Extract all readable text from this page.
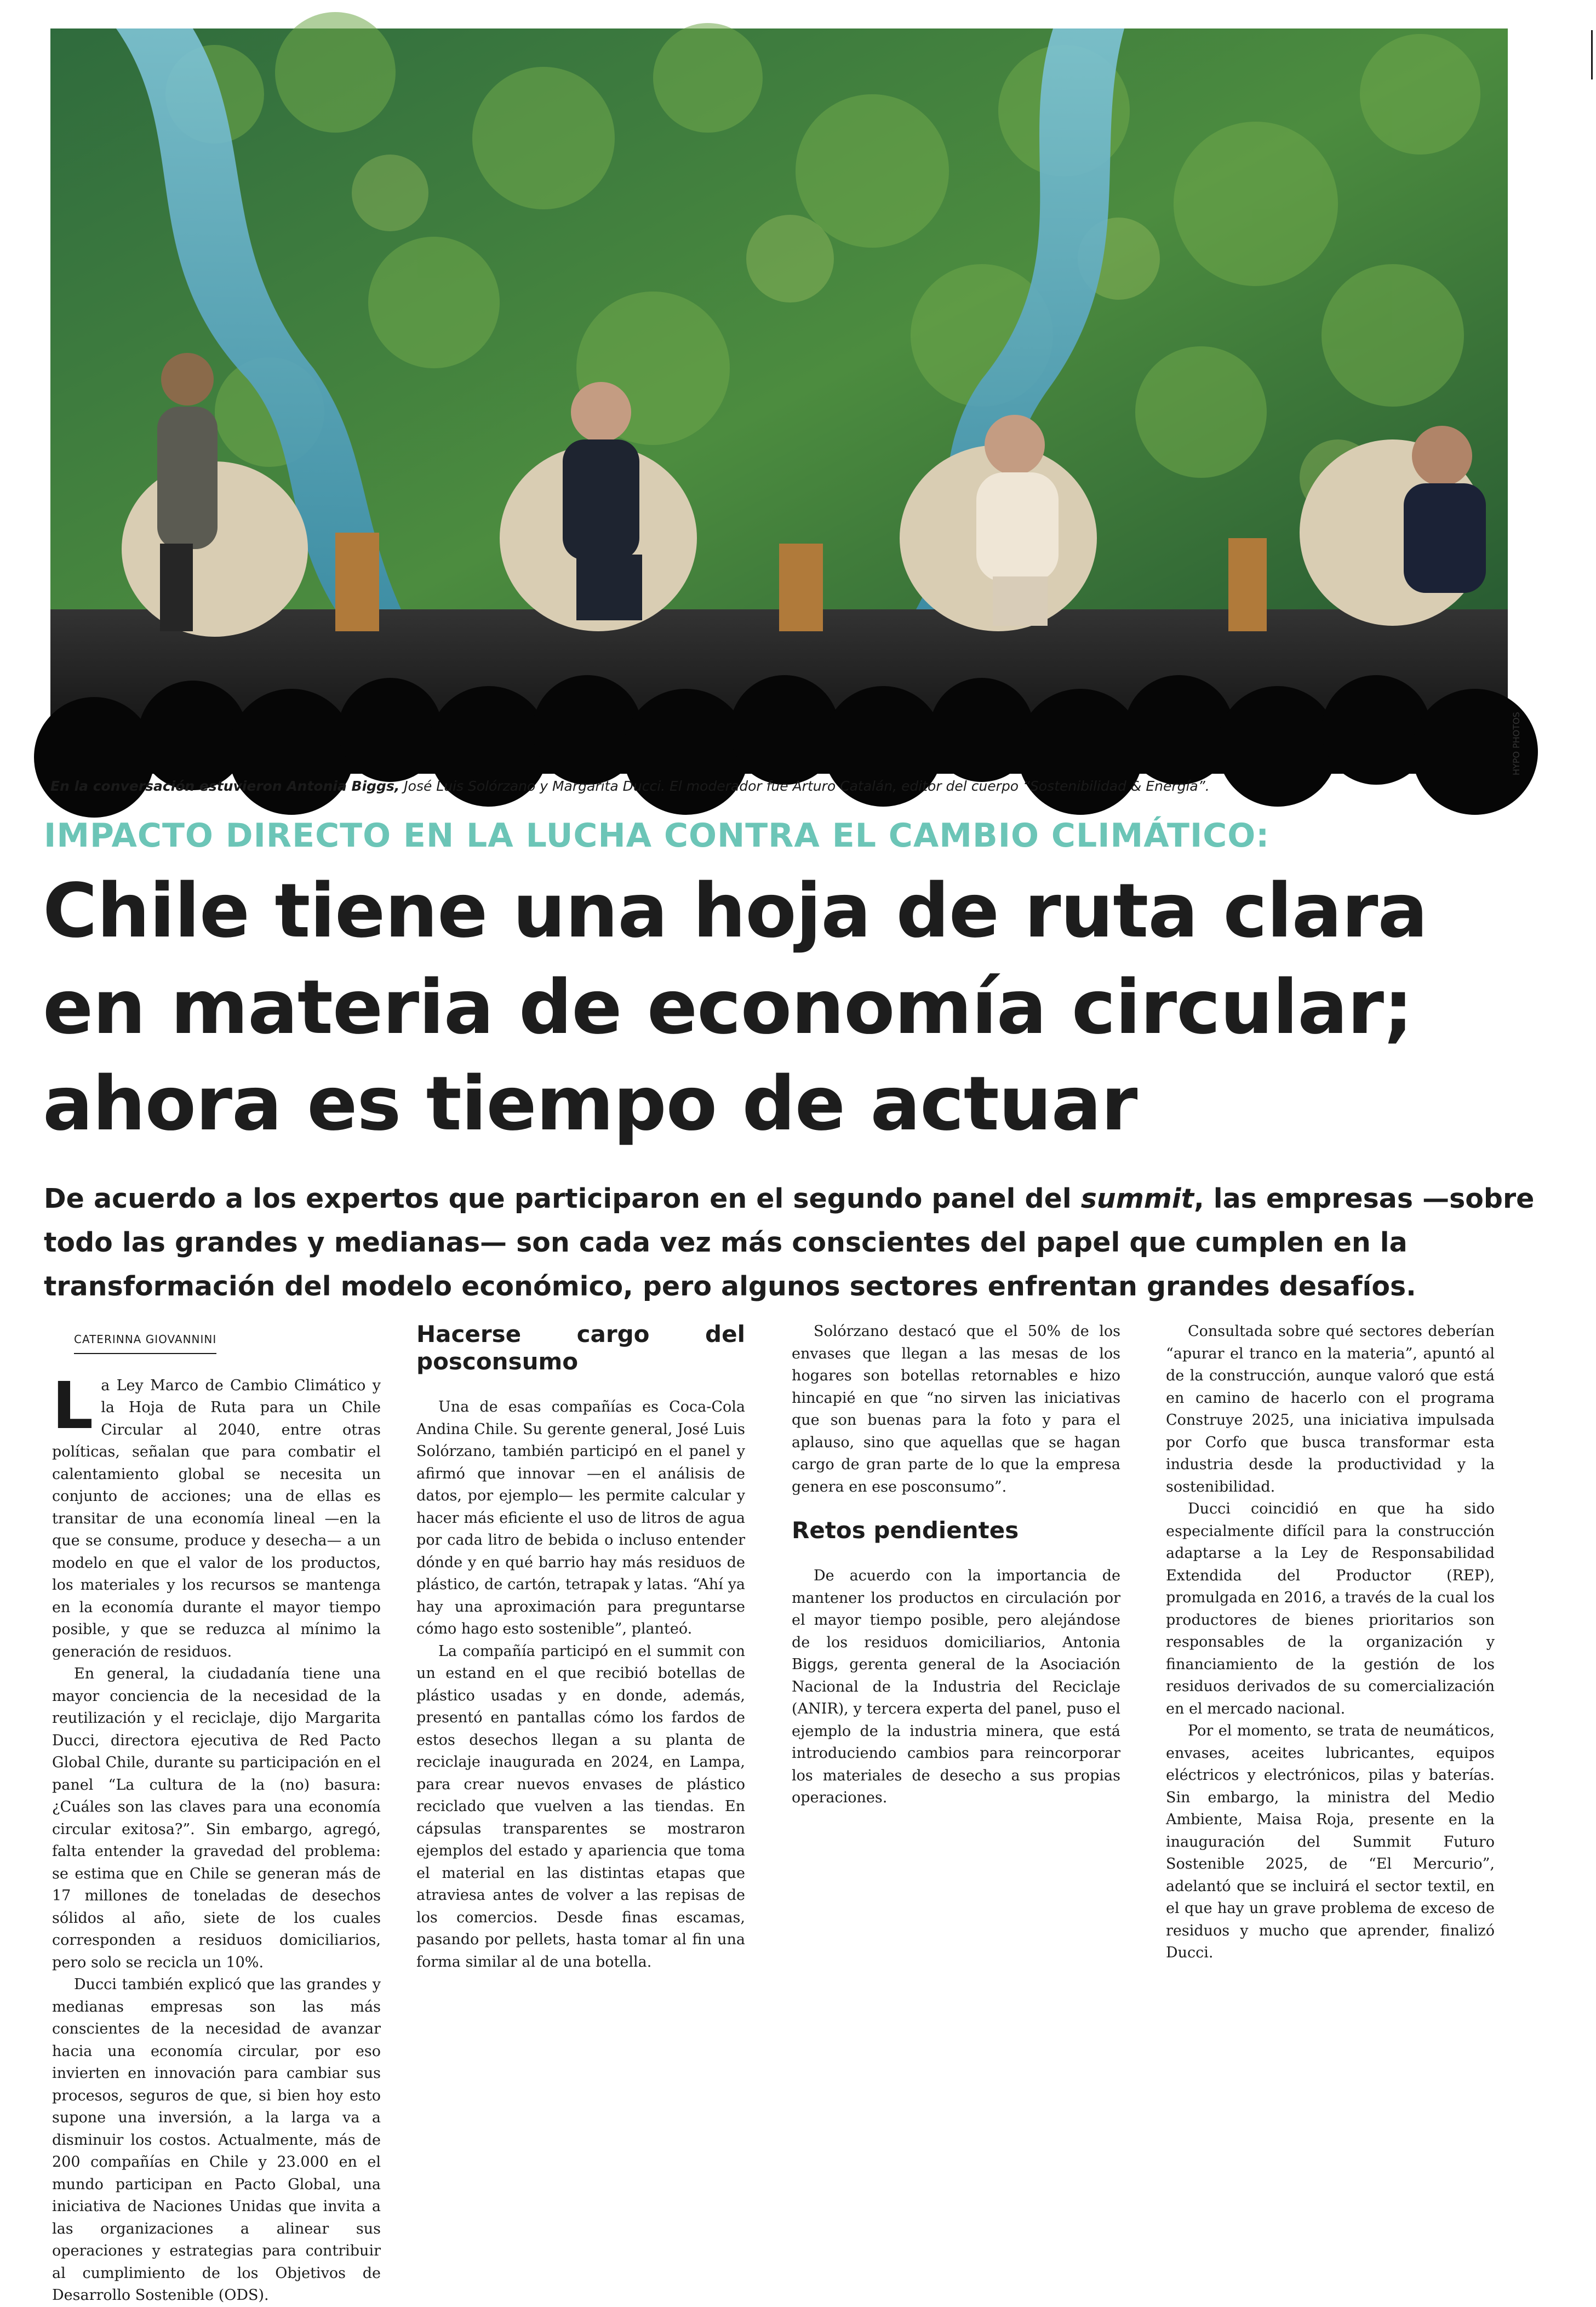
HYPO PHOTOS
En la conversación estuvieron Antonia Biggs, José Luis Solórzano y Margarita Ducci. El moderador fue Arturo Catalán, editor del cuerpo “Sostenibilidad & Energía”.
IMPACTO DIRECTO EN LA LUCHA CONTRA EL CAMBIO CLIMÁTICO:
Chile tiene una hoja de ruta clara
en materia de economía circular;
ahora es tiempo de actuar
De acuerdo a los expertos que participaron en el segundo panel del summit, las empresas —sobre
todo las grandes y medianas— son cada vez más conscientes del papel que cumplen en la
transformación del modelo económico, pero algunos sectores enfrentan grandes desafíos.
CATERINNA GIOVANNINI

La Ley Marco de Cambio Climático y la Hoja de Ruta para un Chile Circular al 2040, entre otras políticas, señalan que para combatir el calentamiento global se necesita un conjunto de acciones; una de ellas es transitar de una economía lineal —en la que se consume, produce y desecha— a un modelo en que el valor de los productos, los materiales y los recursos se mantenga en la economía durante el mayor tiempo posible, y que se reduzca al mínimo la generación de residuos.

En general, la ciudadanía tiene una mayor conciencia de la necesidad de la reutilización y el reciclaje, dijo Margarita Ducci, directora ejecutiva de Red Pacto Global Chile, durante su participación en el panel “La cultura de la (no) basura: ¿Cuáles son las claves para una economía circular exitosa?”. Sin embargo, agregó, falta entender la gravedad del problema: se estima que en Chile se generan más de 17 millones de toneladas de desechos sólidos al año, siete de los cuales corresponden a residuos domiciliarios, pero solo se recicla un 10%.

Ducci también explicó que las grandes y medianas empresas son las más conscientes de la necesidad de avanzar hacia una economía circular, por eso invierten en innovación para cambiar sus procesos, seguros de que, si bien hoy esto supone una inversión, a la larga va a disminuir los costos. Actualmente, más de 200 compañías en Chile y 23.000 en el mundo participan en Pacto Global, una iniciativa de Naciones Unidas que invita a las organizaciones a alinear sus operaciones y estrategias para contribuir al cumplimiento de los Objetivos de Desarrollo Sostenible (ODS).

Hacerse cargo del posconsumo

Una de esas compañías es Coca-Cola Andina Chile. Su gerente general, José Luis Solórzano, también participó en el panel y afirmó que innovar —en el análisis de datos, por ejemplo— les permite calcular y hacer más eficiente el uso de litros de agua por cada litro de bebida o incluso entender dónde y en qué barrio hay más residuos de plástico, de cartón, tetrapak y latas. “Ahí ya hay una aproximación para preguntarse cómo hago esto sostenible”, planteó.

La compañía participó en el summit con un estand en el que recibió botellas de plástico usadas y en donde, además, presentó en pantallas cómo los fardos de estos desechos llegan a su planta de reciclaje inaugurada en 2024, en Lampa, para crear nuevos envases de plástico reciclado que vuelven a las tiendas. En cápsulas transparentes se mostraron ejemplos del estado y apariencia que toma el material en las distintas etapas que atraviesa antes de volver a las repisas de los comercios. Desde finas escamas, pasando por pellets, hasta tomar al fin una forma similar al de una botella.

Solórzano destacó que el 50% de los envases que llegan a las mesas de los hogares son botellas retornables e hizo hincapié en que “no sirven las iniciativas que son buenas para la foto y para el aplauso, sino que aquellas que se hagan cargo de gran parte de lo que la empresa genera en ese posconsumo”.

Retos pendientes

De acuerdo con la importancia de mantener los productos en circulación por el mayor tiempo posible, pero alejándose de los residuos domiciliarios, Antonia Biggs, gerenta general de la Asociación Nacional de la Industria del Reciclaje (ANIR), y tercera experta del panel, puso el ejemplo de la industria minera, que está introduciendo cambios para reincorporar los materiales de desecho a sus propias operaciones.

Consultada sobre qué sectores deberían “apurar el tranco en la materia”, apuntó al de la construcción, aunque valoró que está en camino de hacerlo con el programa Construye 2025, una iniciativa impulsada por Corfo que busca transformar esta industria desde la productividad y la sostenibilidad.

Ducci coincidió en que ha sido especialmente difícil para la construcción adaptarse a la Ley de Responsabilidad Extendida del Productor (REP), promulgada en 2016, a través de la cual los productores de bienes prioritarios son responsables de la organización y financiamiento de la gestión de los residuos derivados de su comercialización en el mercado nacional.

Por el momento, se trata de neumáticos, envases, aceites lubricantes, equipos eléctricos y electrónicos, pilas y baterías. Sin embargo, la ministra del Medio Ambiente, Maisa Roja, presente en la inauguración del Summit Futuro Sostenible 2025, de “El Mercurio”, adelantó que se incluirá el sector textil, en el que hay un grave problema de exceso de residuos y mucho que aprender, finalizó Ducci.
